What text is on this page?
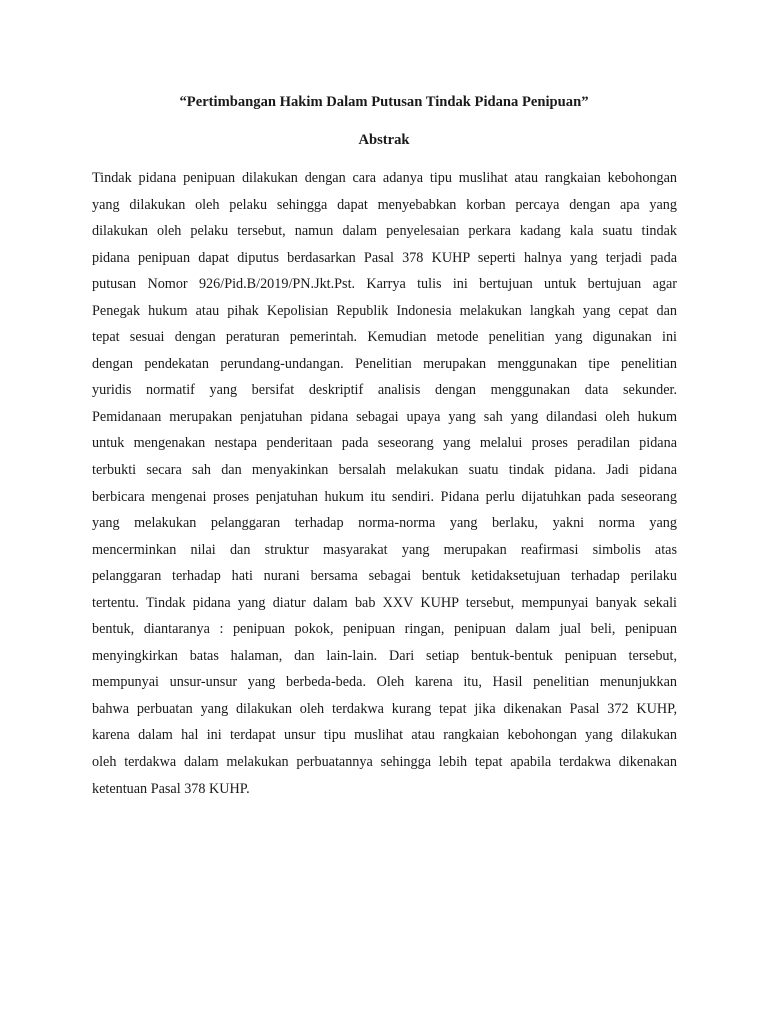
“Pertimbangan Hakim Dalam Putusan Tindak Pidana Penipuan”

Abstrak

Tindak pidana penipuan dilakukan dengan cara adanya tipu muslihat atau rangkaian kebohongan
yang dilakukan oleh pelaku sehingga dapat menyebabkan korban percaya dengan apa yang
dilakukan oleh pelaku tersebut, namun dalam penyelesaian perkara kadang kala suatu tindak
pidana penipuan dapat diputus berdasarkan Pasal 378 KUHP seperti halnya yang terjadi pada
putusan Nomor 926/Pid.B/2019/PN.Jkt.Pst. Karrya tulis ini bertujuan untuk bertujuan agar
Penegak hukum atau pihak Kepolisian Republik Indonesia melakukan langkah yang cepat dan
tepat sesuai dengan peraturan pemerintah. Kemudian metode penelitian yang digunakan ini
dengan pendekatan perundang-undangan. Penelitian merupakan menggunakan tipe penelitian
yuridis normatif yang bersifat deskriptif analisis dengan menggunakan data sekunder.
Pemidanaan merupakan penjatuhan pidana sebagai upaya yang sah yang dilandasi oleh hukum
untuk mengenakan nestapa penderitaan pada seseorang yang melalui proses peradilan pidana
terbukti secara sah dan menyakinkan bersalah melakukan suatu tindak pidana. Jadi pidana
berbicara mengenai proses penjatuhan hukum itu sendiri. Pidana perlu dijatuhkan pada seseorang
yang melakukan pelanggaran terhadap norma-norma yang berlaku, yakni norma yang
mencerminkan nilai dan struktur masyarakat yang merupakan reafirmasi simbolis atas
pelanggaran terhadap hati nurani bersama sebagai bentuk ketidaksetujuan terhadap perilaku
tertentu. Tindak pidana yang diatur dalam bab XXV KUHP tersebut, mempunyai banyak sekali
bentuk, diantaranya : penipuan pokok, penipuan ringan, penipuan dalam jual beli, penipuan
menyingkirkan batas halaman, dan lain-lain. Dari setiap bentuk-bentuk penipuan tersebut,
mempunyai unsur-unsur yang berbeda-beda. Oleh karena itu, Hasil penelitian menunjukkan
bahwa perbuatan yang dilakukan oleh terdakwa kurang tepat jika dikenakan Pasal 372 KUHP,
karena dalam hal ini terdapat unsur tipu muslihat atau rangkaian kebohongan yang dilakukan
oleh terdakwa dalam melakukan perbuatannya sehingga lebih tepat apabila terdakwa dikenakan
ketentuan Pasal 378 KUHP.
